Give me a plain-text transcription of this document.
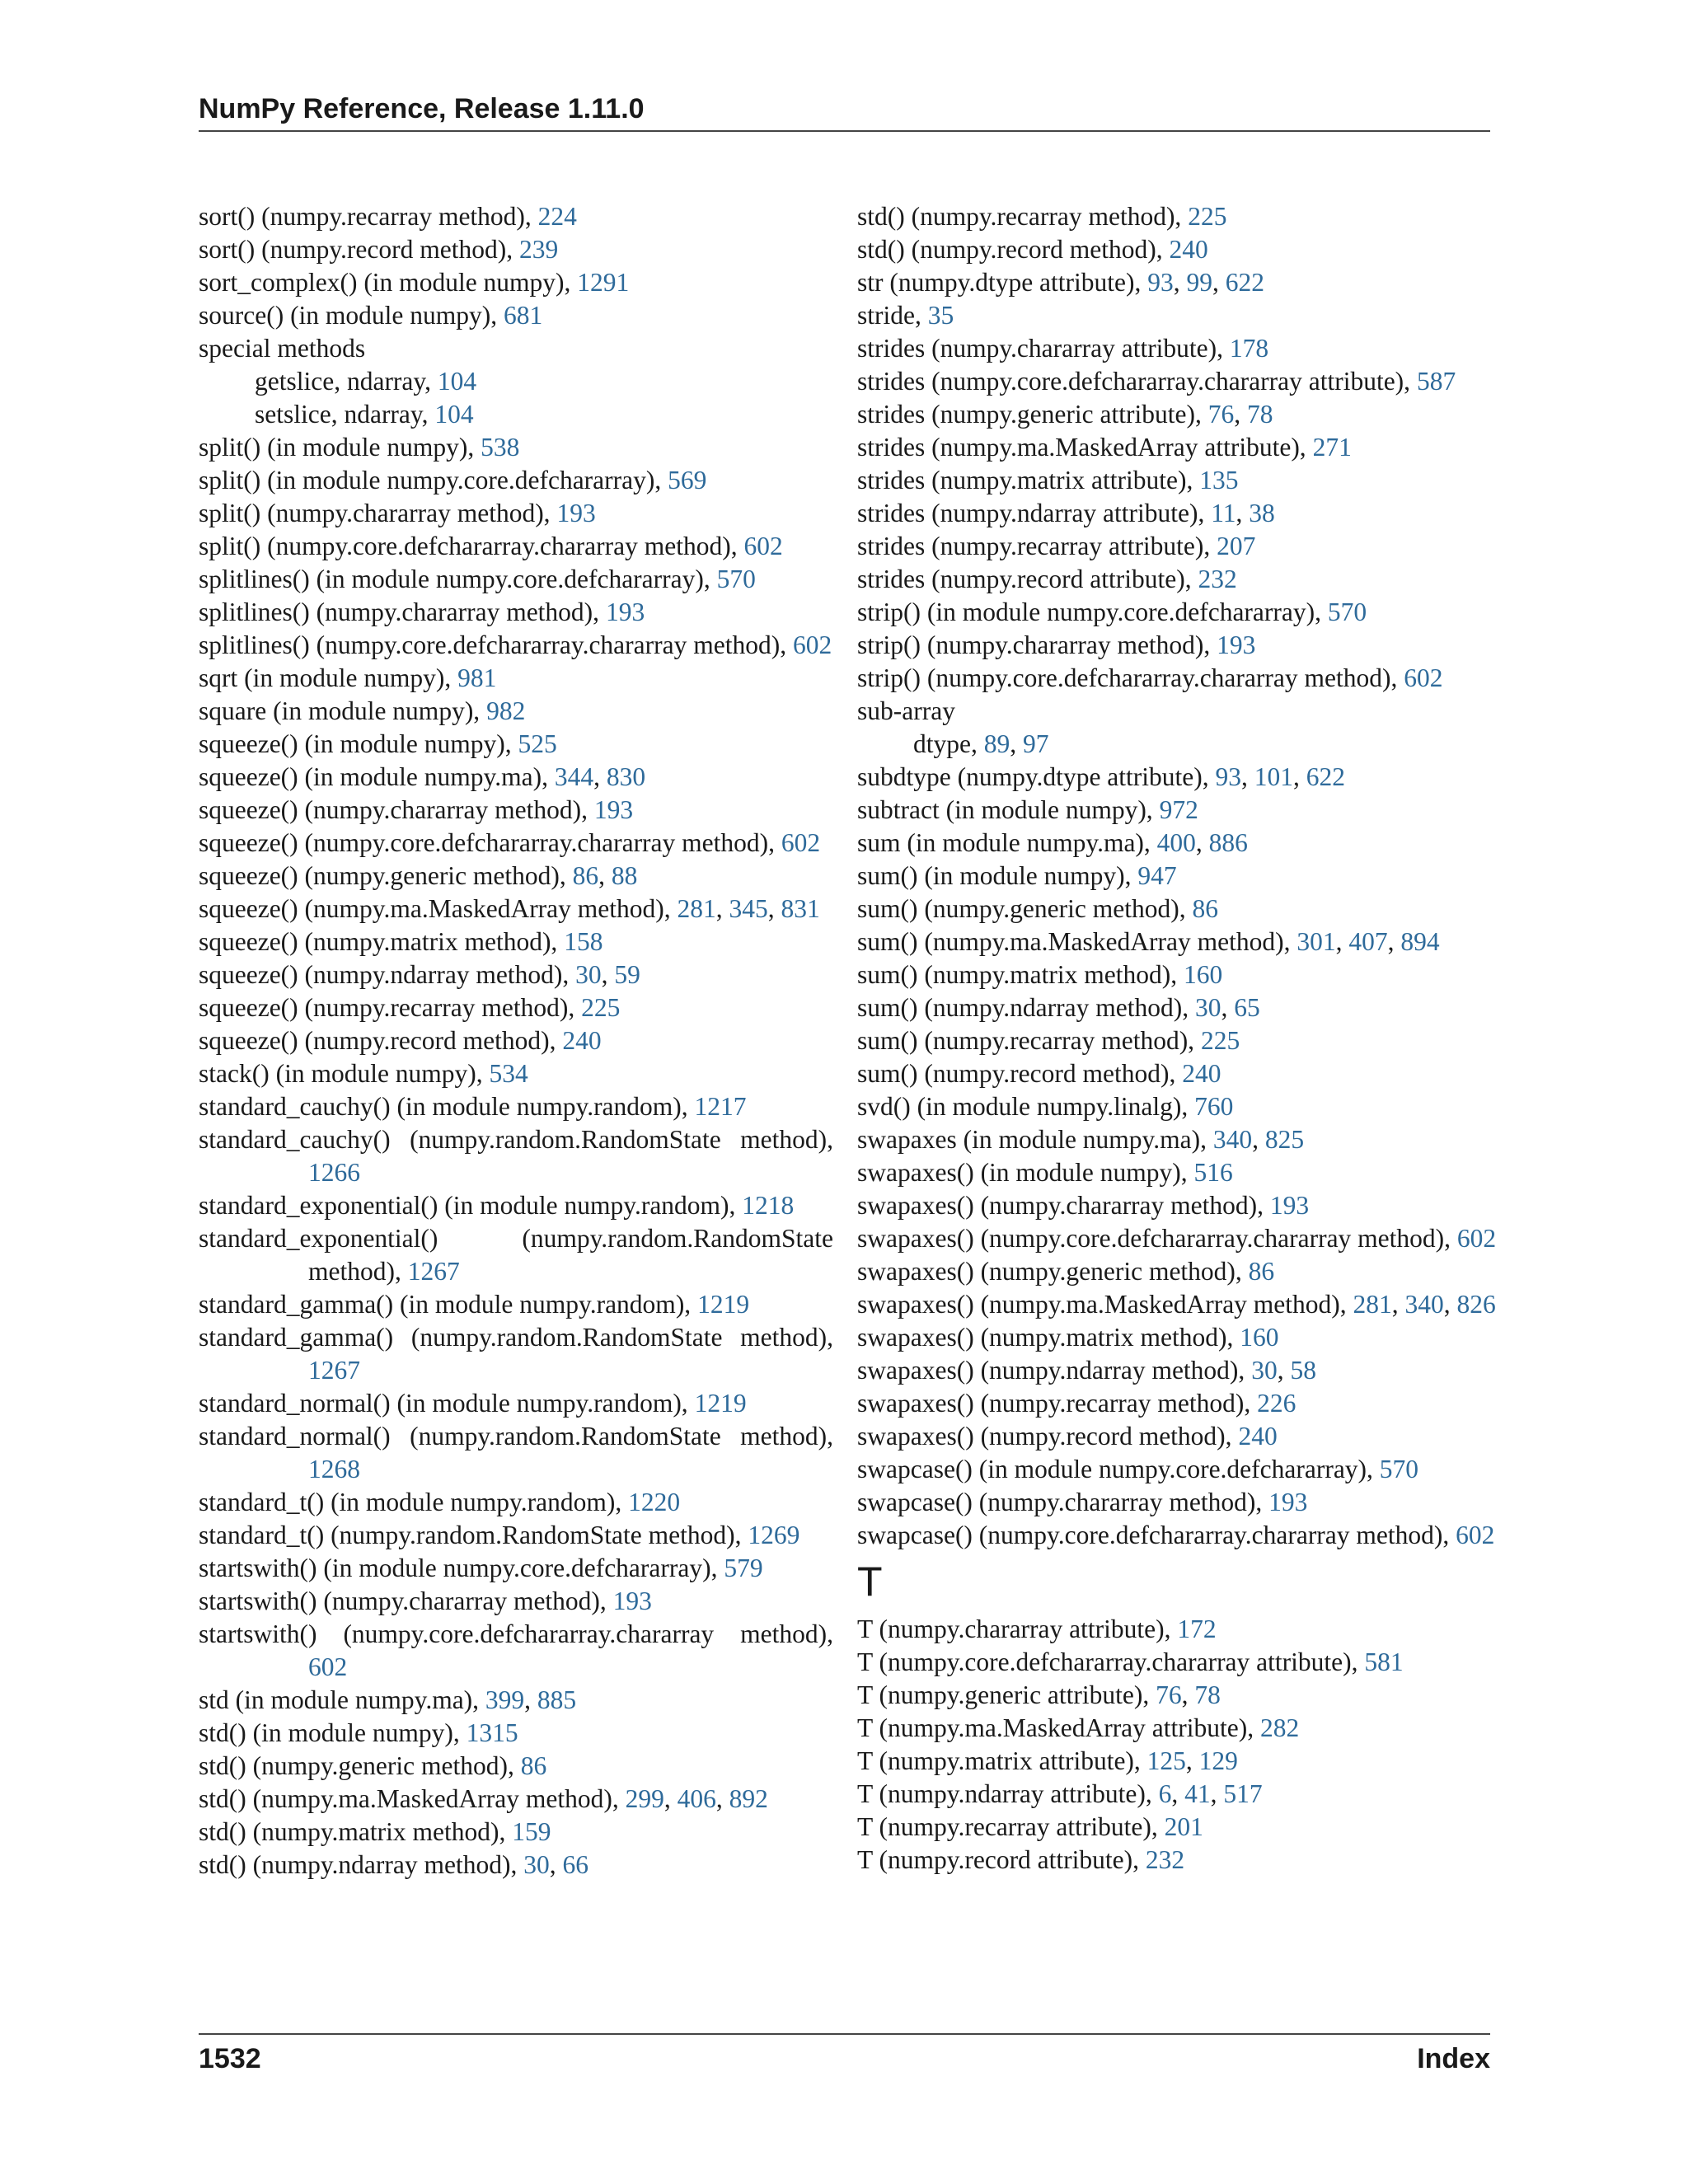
NumPy Reference, Release 1.11.0
sort() (numpy.recarray method), 224
sort() (numpy.record method), 239
sort_complex() (in module numpy), 1291
source() (in module numpy), 681
special methods
getslice, ndarray, 104
setslice, ndarray, 104
split() (in module numpy), 538
split() (in module numpy.core.defchararray), 569
split() (numpy.chararray method), 193
split() (numpy.core.defchararray.chararray method), 602
splitlines() (in module numpy.core.defchararray), 570
splitlines() (numpy.chararray method), 193
splitlines() (numpy.core.defchararray.chararray method), 602
sqrt (in module numpy), 981
square (in module numpy), 982
squeeze() (in module numpy), 525
squeeze() (in module numpy.ma), 344, 830
squeeze() (numpy.chararray method), 193
squeeze() (numpy.core.defchararray.chararray method), 602
squeeze() (numpy.generic method), 86, 88
squeeze() (numpy.ma.MaskedArray method), 281, 345, 831
squeeze() (numpy.matrix method), 158
squeeze() (numpy.ndarray method), 30, 59
squeeze() (numpy.recarray method), 225
squeeze() (numpy.record method), 240
stack() (in module numpy), 534
standard_cauchy() (in module numpy.random), 1217
standard_cauchy() (numpy.random.RandomState method), 1266
standard_exponential() (in module numpy.random), 1218
standard_exponential() (numpy.random.RandomState method), 1267
standard_gamma() (in module numpy.random), 1219
standard_gamma() (numpy.random.RandomState method), 1267
standard_normal() (in module numpy.random), 1219
standard_normal() (numpy.random.RandomState method), 1268
standard_t() (in module numpy.random), 1220
standard_t() (numpy.random.RandomState method), 1269
startswith() (in module numpy.core.defchararray), 579
startswith() (numpy.chararray method), 193
startswith() (numpy.core.defchararray.chararray method), 602
std (in module numpy.ma), 399, 885
std() (in module numpy), 1315
std() (numpy.generic method), 86
std() (numpy.ma.MaskedArray method), 299, 406, 892
std() (numpy.matrix method), 159
std() (numpy.ndarray method), 30, 66
std() (numpy.recarray method), 225
std() (numpy.record method), 240
str (numpy.dtype attribute), 93, 99, 622
stride, 35
strides (numpy.chararray attribute), 178
strides (numpy.core.defchararray.chararray attribute), 587
strides (numpy.generic attribute), 76, 78
strides (numpy.ma.MaskedArray attribute), 271
strides (numpy.matrix attribute), 135
strides (numpy.ndarray attribute), 11, 38
strides (numpy.recarray attribute), 207
strides (numpy.record attribute), 232
strip() (in module numpy.core.defchararray), 570
strip() (numpy.chararray method), 193
strip() (numpy.core.defchararray.chararray method), 602
sub-array
dtype, 89, 97
subdtype (numpy.dtype attribute), 93, 101, 622
subtract (in module numpy), 972
sum (in module numpy.ma), 400, 886
sum() (in module numpy), 947
sum() (numpy.generic method), 86
sum() (numpy.ma.MaskedArray method), 301, 407, 894
sum() (numpy.matrix method), 160
sum() (numpy.ndarray method), 30, 65
sum() (numpy.recarray method), 225
sum() (numpy.record method), 240
svd() (in module numpy.linalg), 760
swapaxes (in module numpy.ma), 340, 825
swapaxes() (in module numpy), 516
swapaxes() (numpy.chararray method), 193
swapaxes() (numpy.core.defchararray.chararray method), 602
swapaxes() (numpy.generic method), 86
swapaxes() (numpy.ma.MaskedArray method), 281, 340, 826
swapaxes() (numpy.matrix method), 160
swapaxes() (numpy.ndarray method), 30, 58
swapaxes() (numpy.recarray method), 226
swapaxes() (numpy.record method), 240
swapcase() (in module numpy.core.defchararray), 570
swapcase() (numpy.chararray method), 193
swapcase() (numpy.core.defchararray.chararray method), 602
T
T (numpy.chararray attribute), 172
T (numpy.core.defchararray.chararray attribute), 581
T (numpy.generic attribute), 76, 78
T (numpy.ma.MaskedArray attribute), 282
T (numpy.matrix attribute), 125, 129
T (numpy.ndarray attribute), 6, 41, 517
T (numpy.recarray attribute), 201
T (numpy.record attribute), 232
1532	Index
